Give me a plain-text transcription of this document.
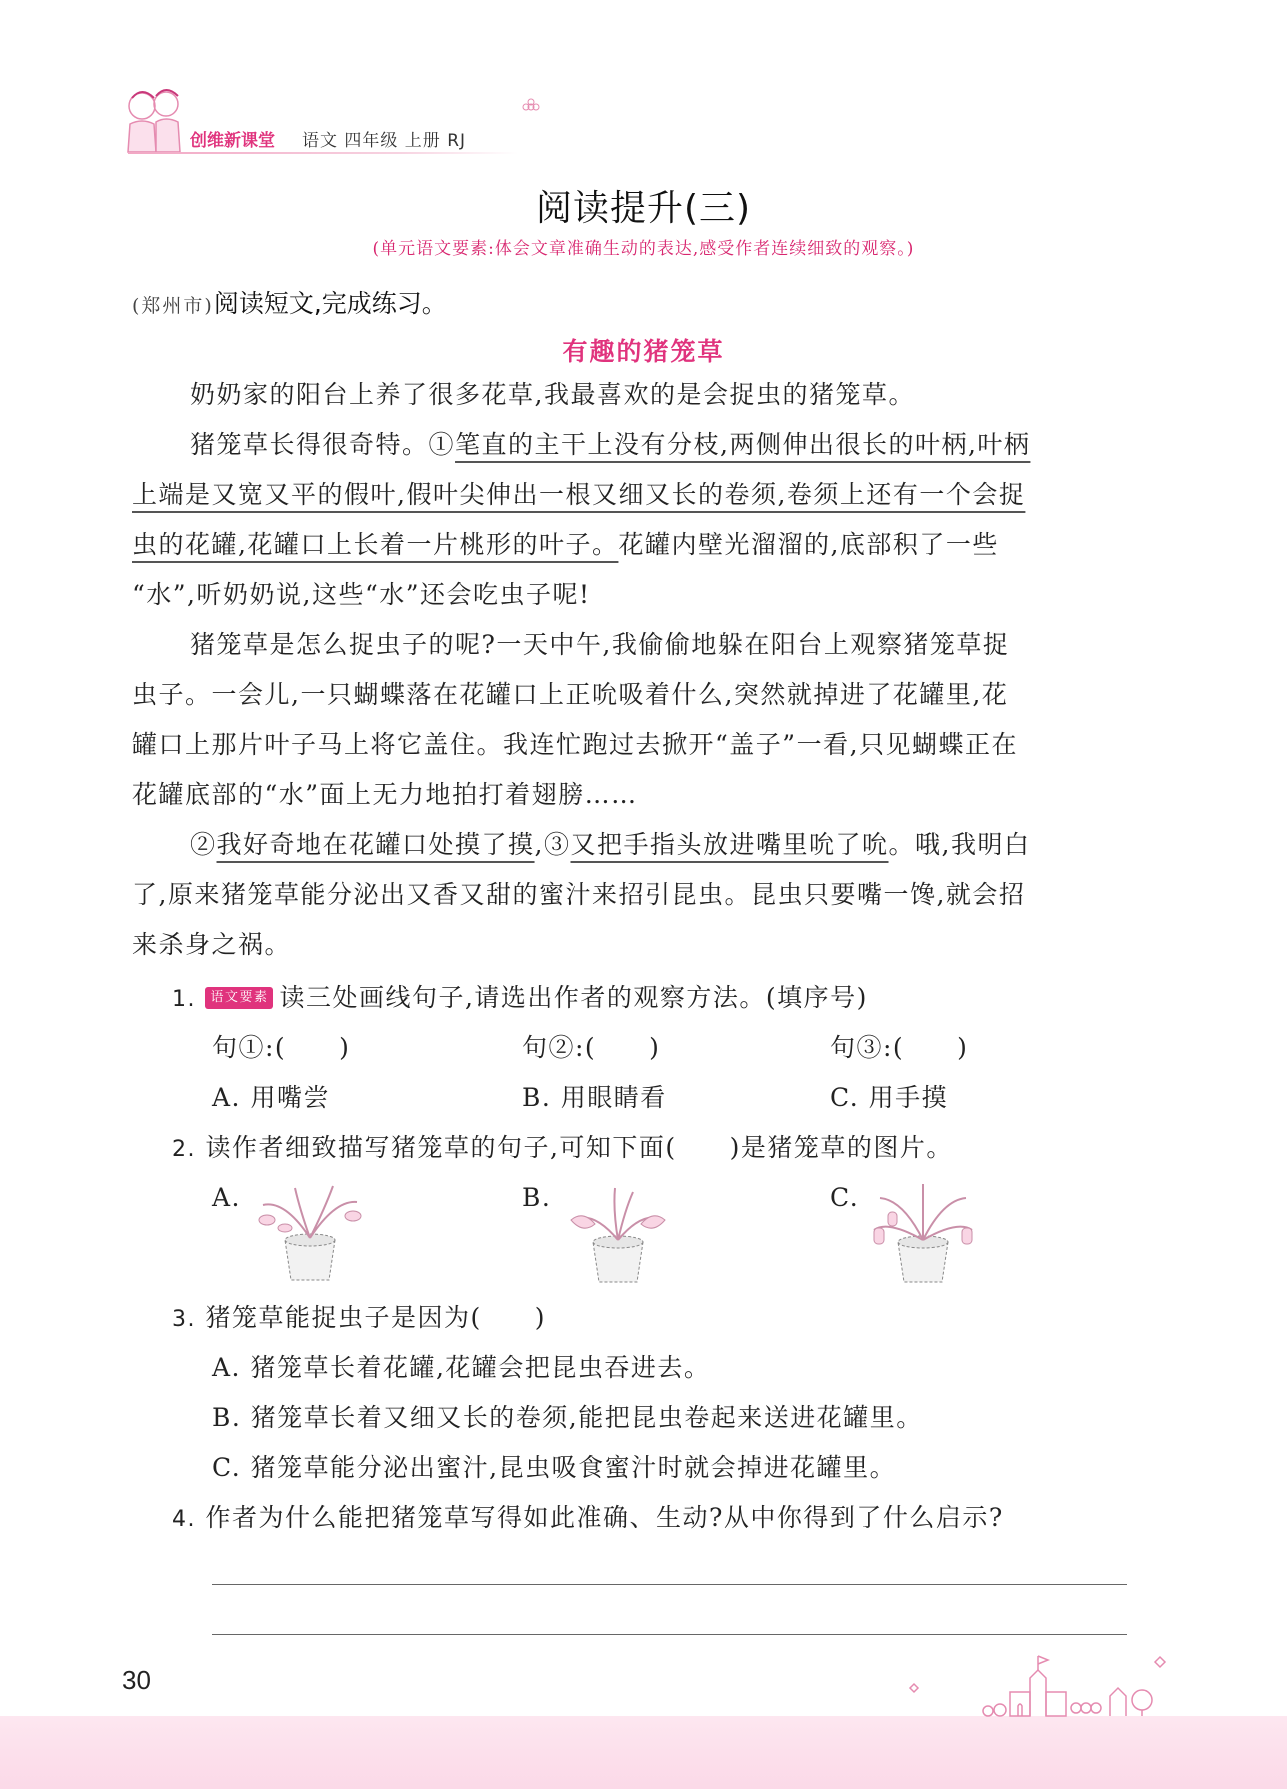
创维新课堂 语文 四年级 上册 RJ
阅读提升(三)
(单元语文要素:体会文章准确生动的表达,感受作者连续细致的观察。)
(郑州市)阅读短文,完成练习。
有趣的猪笼草

奶奶家的阳台上养了很多花草,我最喜欢的是会捉虫的猪笼草。

猪笼草长得很奇特。①笔直的主干上没有分枝,两侧伸出很长的叶柄,叶柄
上端是又宽又平的假叶,假叶尖伸出一根又细又长的卷须,卷须上还有一个会捉
虫的花罐,花罐口上长着一片桃形的叶子。花罐内壁光溜溜的,底部积了一些
“水”,听奶奶说,这些“水”还会吃虫子呢!
猪笼草是怎么捉虫子的呢?一天中午,我偷偷地躲在阳台上观察猪笼草捉
虫子。一会儿,一只蝴蝶落在花罐口上正吮吸着什么,突然就掉进了花罐里,花
罐口上那片叶子马上将它盖住。我连忙跑过去掀开“盖子”一看,只见蝴蝶正在
花罐底部的“水”面上无力地拍打着翅膀……
②我好奇地在花罐口处摸了摸,③又把手指头放进嘴里吮了吮。哦,我明白
了,原来猪笼草能分泌出又香又甜的蜜汁来招引昆虫。昆虫只要嘴一馋,就会招
来杀身之祸。
1. 语文要素 读三处画线句子,请选出作者的观察方法。(填序号)
句①:(　　)	句②:(　　)	句③:(　　)
A. 用嘴尝	B. 用眼睛看	C. 用手摸
2. 读作者细致描写猪笼草的句子,可知下面(　　)是猪笼草的图片。
A.	B.	C.
3. 猪笼草能捉虫子是因为(　　)
A. 猪笼草长着花罐,花罐会把昆虫吞进去。
B. 猪笼草长着又细又长的卷须,能把昆虫卷起来送进花罐里。
C. 猪笼草能分泌出蜜汁,昆虫吸食蜜汁时就会掉进花罐里。
4. 作者为什么能把猪笼草写得如此准确、生动?从中你得到了什么启示?
30
